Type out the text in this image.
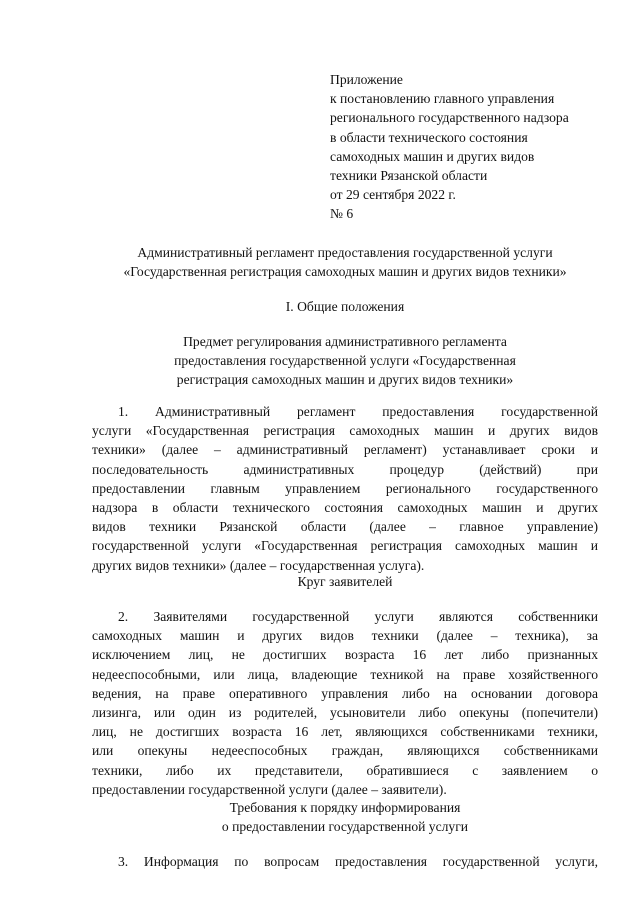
Приложение
к постановлению главного управления
регионального государственного надзора
в области технического состояния
самоходных машин и других видов
техники Рязанской области
от 29 сентября 2022 г.
№ 6
Административный регламент предоставления государственной услуги
«Государственная регистрация самоходных машин и других видов техники»
I. Общие положения
Предмет регулирования административного регламента
предоставления государственной услуги «Государственная
регистрация самоходных машин и других видов техники»
1. Административный регламент предоставления государственной
услуги «Государственная регистрация самоходных машин и других видов
техники» (далее – административный регламент) устанавливает сроки и
последовательность административных процедур (действий) при
предоставлении главным управлением регионального государственного
надзора в области технического состояния самоходных машин и других
видов техники Рязанской области (далее – главное управление)
государственной услуги «Государственная регистрация самоходных машин и
других видов техники» (далее – государственная услуга).
Круг заявителей
2. Заявителями государственной услуги являются собственники
самоходных машин и других видов техники (далее – техника), за
исключением лиц, не достигших возраста 16 лет либо признанных
недееспособными, или лица, владеющие техникой на праве хозяйственного
ведения, на праве оперативного управления либо на основании договора
лизинга, или один из родителей, усыновители либо опекуны (попечители)
лиц, не достигших возраста 16 лет, являющихся собственниками техники,
или опекуны недееспособных граждан, являющихся собственниками
техники, либо их представители, обратившиеся с заявлением о
предоставлении государственной услуги (далее – заявители).
Требования к порядку информирования
о предоставлении государственной услуги
3. Информация по вопросам предоставления государственной услуги,
